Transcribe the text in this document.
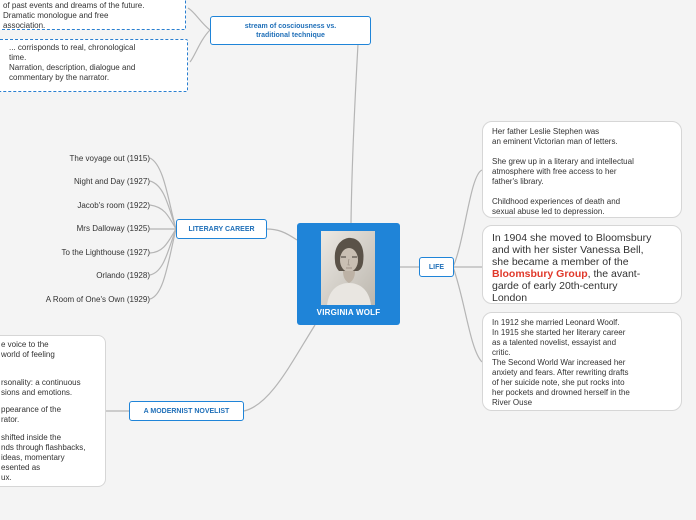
of past events and dreams of the future.
Dramatic monologue and free
association.

... corrisponds to real, chronological
time.
Narration, description, dialogue and
commentary by the narrator.

stream of cosciousness vs.
traditional technique
LITERARY CAREER
The voyage out (1915)
Night and Day (1927)
Jacob's room (1922)
Mrs Dalloway (1925)
To the Lighthouse (1927)
Orlando (1928)
A Room of One's Own (1929)
VIRGINIA WOLF
A MODERNIST NOVELIST

e voice to the
world of feeling

rsonality: a continuous
sions and emotions.

ppearance of the
rator.

shifted inside the
nds through flashbacks,
ideas, momentary
esented as
ux.

LIFE

Her father Leslie Stephen was
an eminent Victorian man of letters.

She grew up in a literary and intellectual
atmosphere with free access to her
father's library.

Childhood experiences of death and
sexual abuse led to depression.

In 1904 she moved to Bloomsbury
and with her sister Vanessa Bell,
she became a member of the
Bloomsbury Group, the avant-
garde of early 20th-century
London

In 1912 she married Leonard Woolf.
In 1915 she started her literary career
as a talented novelist, essayist and
critic.
The Second World War increased her
anxiety and fears. After rewriting drafts
of her suicide note, she put rocks into
her pockets and drowned herself in the
River Ouse
